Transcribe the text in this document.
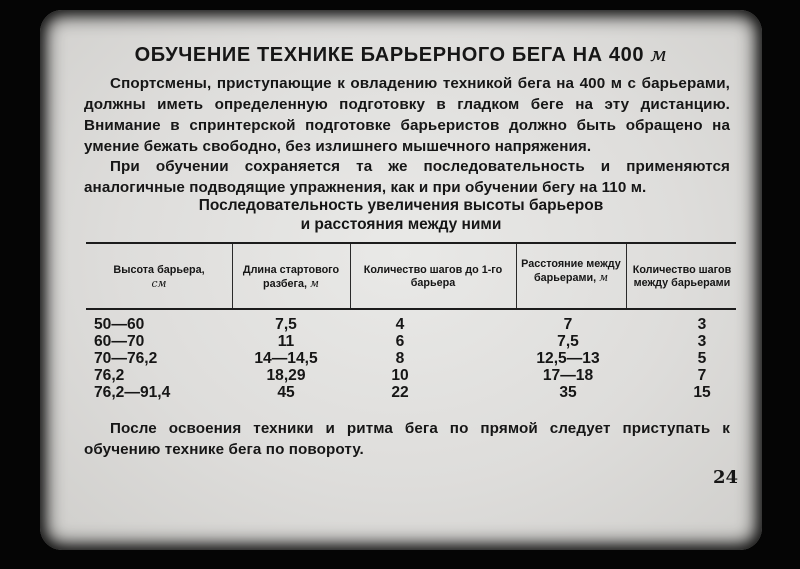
ОБУЧЕНИЕ ТЕХНИКЕ БАРЬЕРНОГО БЕГА НА 400 м
Спортсмены, приступающие к овладению техникой бега на 400 м с барьерами, должны иметь определенную подготовку в гладком беге на эту дистанцию. Внимание в спринтерской подготовке барьеристов должно быть обращено на умение бежать свободно, без излишнего мышечного напряжения.
При обучении сохраняется та же последовательность и применяются аналогичные подводящие упражнения, как и при обучении бегу на 110 м.
Последовательность увеличения высоты барьеров
и расстояния между ними
Высота барьера,
см
Длина стартового разбега, м
Количество шагов до 1-го барьера
Расстояние между барьерами, м
Количество шагов между барьерами
50—60
60—70
70—76,2
76,2
76,2—91,4
7,5
11
14—14,5
18,29
45
4
6
8
10
22
7
7,5
12,5—13
17—18
35
3
3
5
7
15
После освоения техники и ритма бега по прямой следует приступать к обучению технике бега по повороту.
24
